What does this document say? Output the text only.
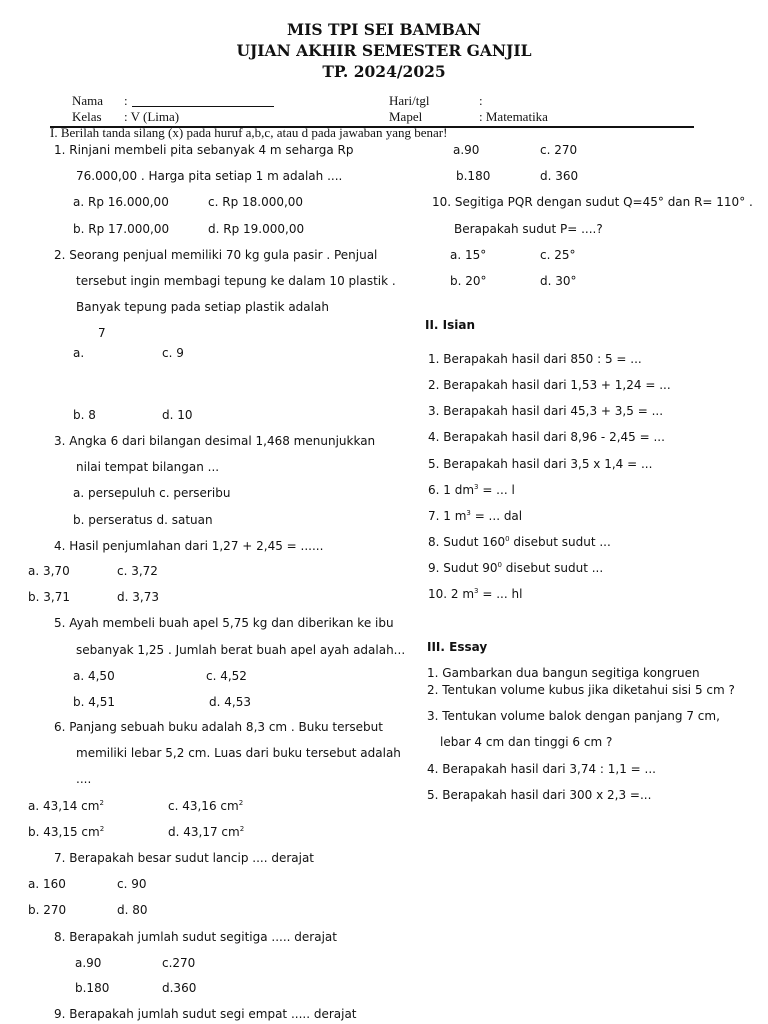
MIS TPI SEI BAMBAN
UJIAN AKHIR SEMESTER GANJIL
TP. 2024/2025
Nama :	Hari/tgl	:
Kelas : V (Lima)	Mapel	: Matematika
I. Berilah tanda silang (x) pada huruf a,b,c, atau d pada jawaban yang benar!
1. Rinjani membeli pita sebanyak 4 m seharga Rp
76.000,00 . Harga pita setiap 1 m adalah ....
a. Rp 16.000,00	c. Rp 18.000,00
b. Rp 17.000,00	d. Rp 19.000,00
2. Seorang penjual memiliki 70 kg gula pasir . Penjual
tersebut ingin membagi tepung ke dalam 10 plastik .
Banyak tepung pada setiap plastik adalah
7
a.	c. 9
b. 8	d. 10
3. Angka 6 dari bilangan desimal 1,468 menunjukkan
nilai tempat bilangan ...
a. persepuluh c. perseribu
b. perseratus d. satuan
4. Hasil penjumlahan dari 1,27 + 2,45 = ......
a. 3,70	c. 3,72
b. 3,71	d. 3,73
5. Ayah membeli buah apel 5,75 kg dan diberikan ke ibu
sebanyak 1,25 . Jumlah berat buah apel ayah adalah...
a. 4,50	c. 4,52
b. 4,51	d. 4,53
6. Panjang sebuah buku adalah 8,3 cm . Buku tersebut
memiliki lebar 5,2 cm. Luas dari buku tersebut adalah
....
a. 43,14 $cm^2$	c. 43,16 $cm^2$
b. 43,15 $cm^2$	d. 43,17 $cm^2$
7. Berapakah besar sudut lancip .... derajat
a. 160	c. 90
b. 270	d. 80
8. Berapakah jumlah sudut segitiga ..... derajat
a.90	c.270
b.180	d.360
9. Berapakah jumlah sudut segi empat ..... derajat
a.90	c. 270
b.180	d. 360
10. Segitiga PQR dengan sudut Q=45° dan R= 110° .
Berapakah sudut P= ....?
a. 15°	c. 25°
b. 20°	d. 30°
II. Isian
1. Berapakah hasil dari 850 : 5 = ...
2. Berapakah hasil dari 1,53 + 1,24 = ...
3. Berapakah hasil dari 45,3 + 3,5 = ...
4. Berapakah hasil dari 8,96 - 2,45 = ...
5. Berapakah hasil dari 3,5 x 1,4 = ...
6. 1 $dm^3$ = ... l
7. 1 $m^3$ = ... dal
8. Sudut $160^0$ disebut sudut ...
9. Sudut $90^0$ disebut sudut ...
10. 2 $m^3$ = ... hl
III. Essay
1. Gambarkan dua bangun segitiga kongruen
2. Tentukan volume kubus jika diketahui sisi 5 cm ?
3. Tentukan volume balok dengan panjang 7 cm,
lebar 4 cm dan tinggi 6 cm ?
4. Berapakah hasil dari 3,74 : 1,1 = ...
5. Berapakah hasil dari 300 x 2,3 =...
